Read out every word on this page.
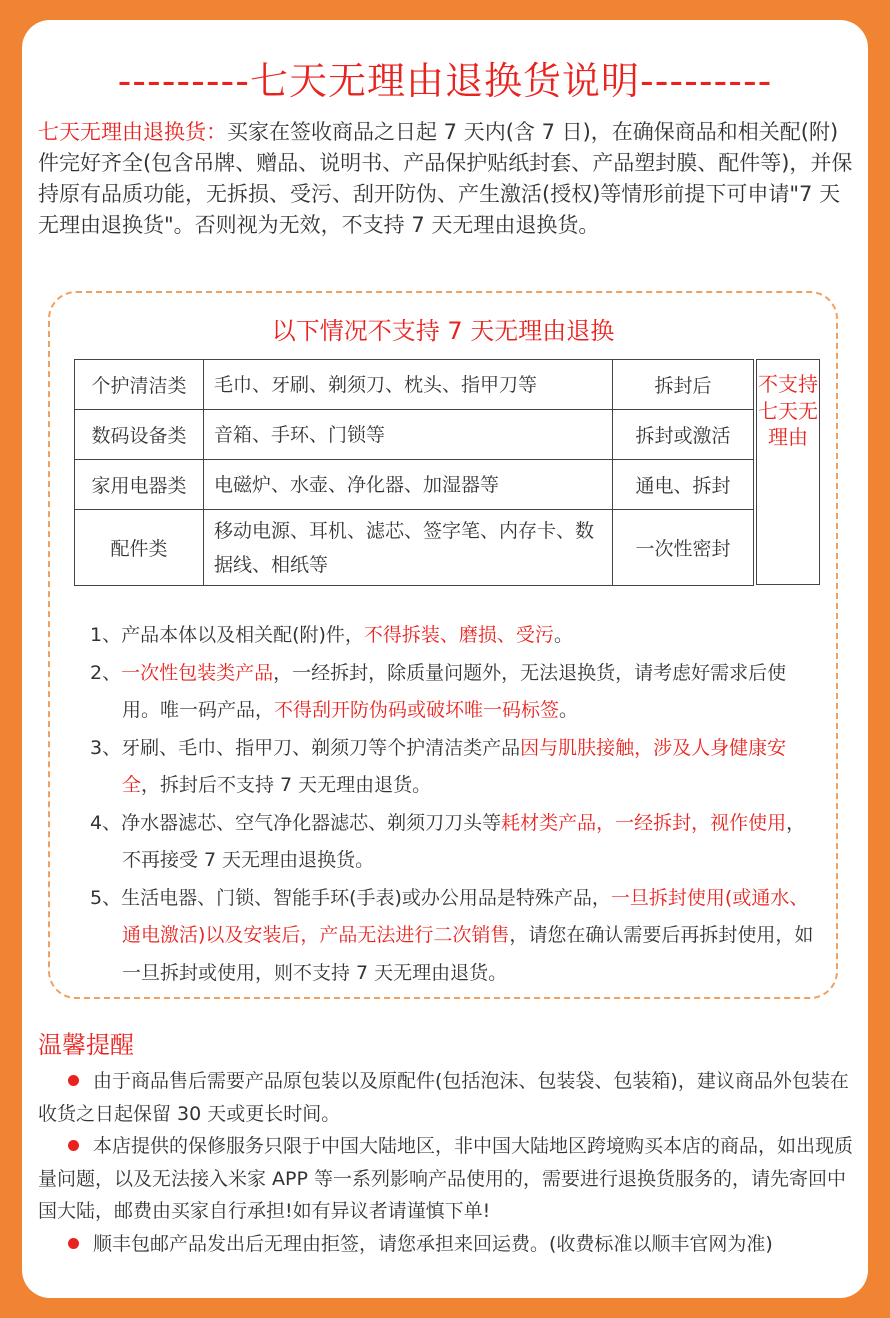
---------七天无理由退换货说明---------
七天无理由退换货：买家在签收商品之日起 7 天内(含 7 日)，在确保商品和相关配(附)件完好齐全(包含吊牌、赠品、说明书、产品保护贴纸封套、产品塑封膜、配件等)，并保持原有品质功能，无拆损、受污、刮开防伪、产生激活(授权)等情形前提下可申请"7 天无理由退换货"。否则视为无效，不支持 7 天无理由退换货。
以下情况不支持 7 天无理由退换
个护清洁类	毛巾、牙刷、剃须刀、枕头、指甲刀等	拆封后
数码设备类	音箱、手环、门锁等	拆封或激活
家用电器类	电磁炉、水壶、净化器、加湿器等	通电、拆封
配件类	移动电源、耳机、滤芯、签字笔、内存卡、数据线、相纸等	一次性密封
不支持七天无理由
1、产品本体以及相关配(附)件，不得拆装、磨损、受污。
2、一次性包装类产品，一经拆封，除质量问题外，无法退换货，请考虑好需求后使用。唯一码产品，不得刮开防伪码或破坏唯一码标签。
3、牙刷、毛巾、指甲刀、剃须刀等个护清洁类产品因与肌肤接触，涉及人身健康安全，拆封后不支持 7 天无理由退货。
4、净水器滤芯、空气净化器滤芯、剃须刀刀头等耗材类产品，一经拆封，视作使用，不再接受 7 天无理由退换货。
5、生活电器、门锁、智能手环(手表)或办公用品是特殊产品，一旦拆封使用(或通水、通电激活)以及安装后，产品无法进行二次销售，请您在确认需要后再拆封使用，如一旦拆封或使用，则不支持 7 天无理由退货。
温馨提醒
由于商品售后需要产品原包装以及原配件(包括泡沫、包装袋、包装箱)，建议商品外包装在收货之日起保留 30 天或更长时间。
本店提供的保修服务只限于中国大陆地区，非中国大陆地区跨境购买本店的商品，如出现质量问题，以及无法接入米家 APP 等一系列影响产品使用的，需要进行退换货服务的，请先寄回中国大陆，邮费由买家自行承担!如有异议者请谨慎下单!
顺丰包邮产品发出后无理由拒签，请您承担来回运费。(收费标准以顺丰官网为准)
